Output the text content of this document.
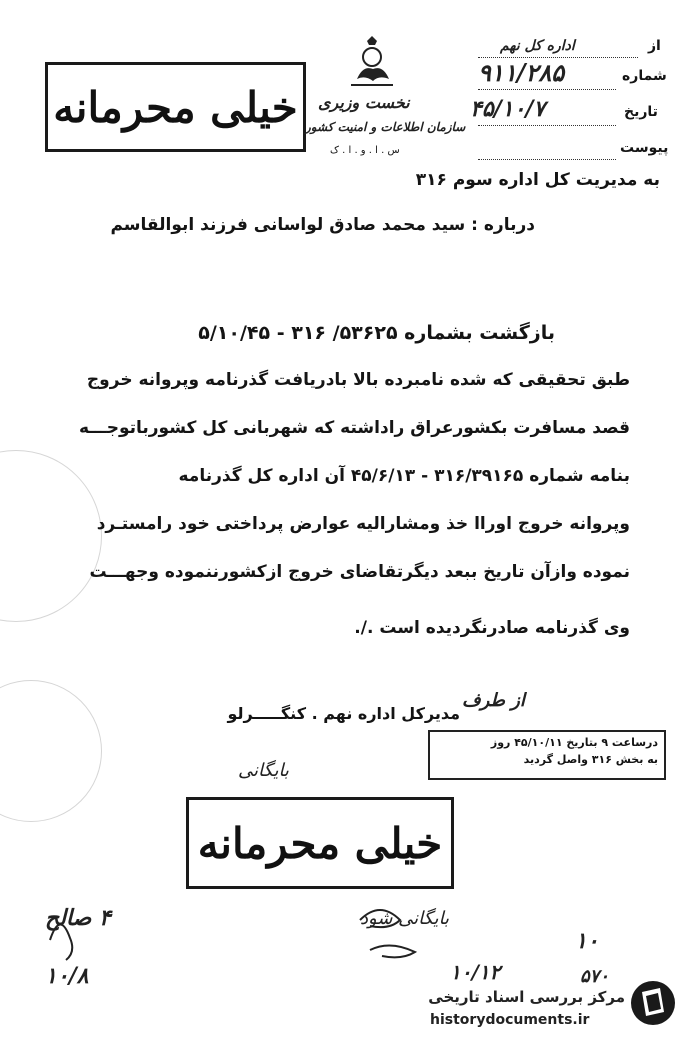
خیلی محرمانه نخست وزیری
سازمان اطلاعات و امنیت کشور
س . ا . و . ا . ک
از
اداره کل نهم
شماره
۹۱۱/۲۸۵
تاریخ
۴۵/۱۰/۷
پیوست
به مدیریت کل اداره سوم ۳۱۶
درباره : سید محمد صادق لواسانی فرزند ابوالقاسم
بازگشت بشماره ۵۳۶۲۵/ ۳۱۶ - ۵/۱۰/۴۵
طبق تحقیقی که شده نامبرده بالا بادریافت گذرنامه وپروانه خروج
قصد مسافرت بکشورعراق راداشته که شهربانی کل کشورباتوجـــه
بنامه شماره ۳۱۶/۳۹۱۶۵ - ۴۵/۶/۱۳ آن اداره کل گذرنامه
وپروانه خروج اوراا خذ ومشارالیه عوارض پرداختی خود رامستـرد
نموده وازآن تاریخ ببعد دیگرتقاضای خروج ازکشورننموده وجهـــت
وی گذرنامه صادرنگردیده است ./.
از طرف
مدیرکل اداره نهم . کنگـــــرلو
درساعت ۹ بتاریخ ۴۵/۱۰/۱۱ روز
به بخش ۳۱۶ واصل گردید
بایگانی
خیلی محرمانه
۴ صالح
۱۰/۸
بایگانی شود
۱۰/۱۲
۱۰
۵۷۰
مرکز بررسی اسناد تاریخی
historydocuments.ir
